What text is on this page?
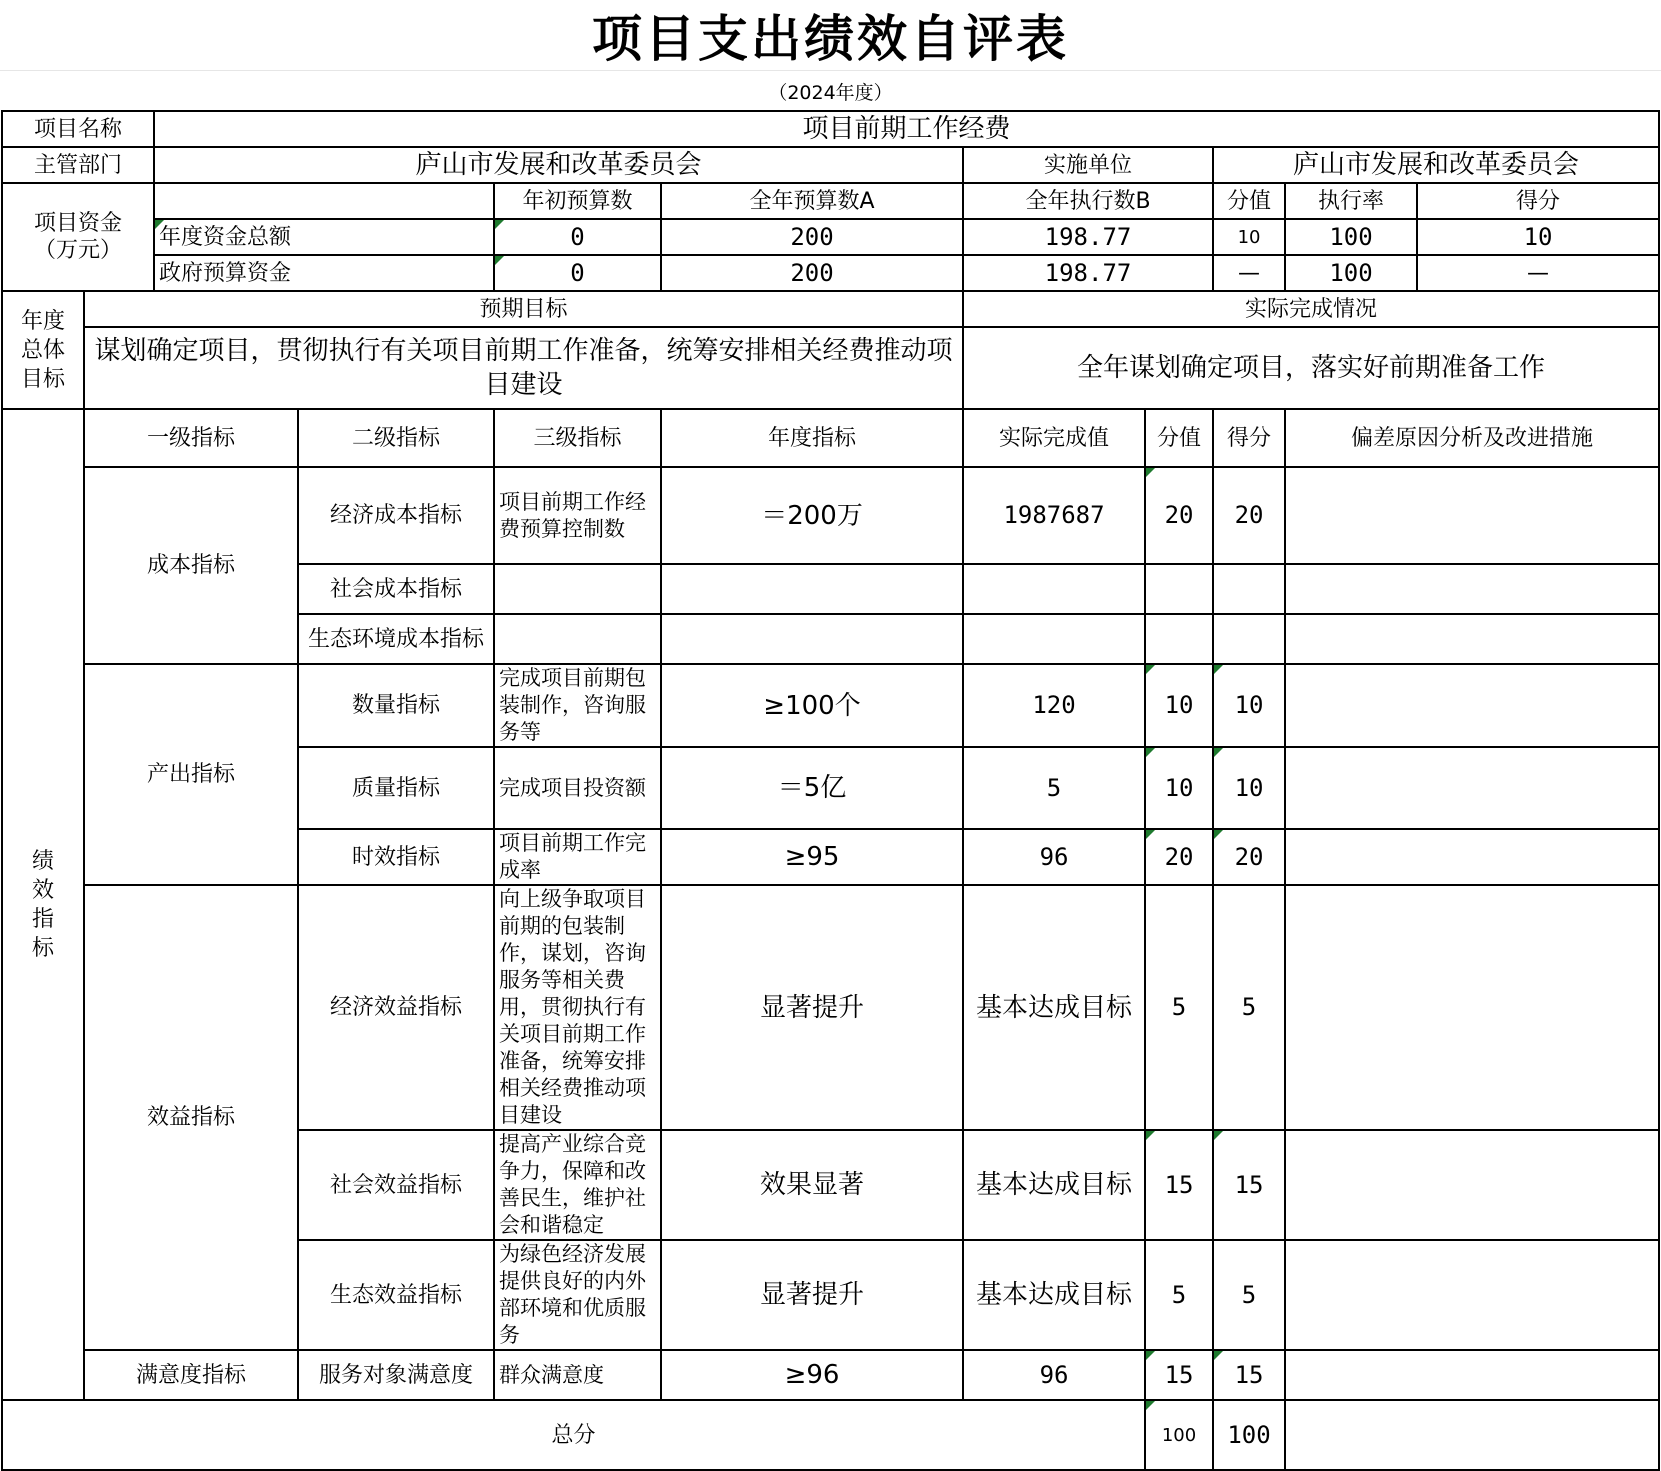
项目支出绩效自评表
（2024年度）
项目名称		项目前期工作经费								
主管部门		庐山市发展和改革委员会				实施单位		庐山市发展和改革委员会		

项目资金
（万元）				年初预算数	全年预算数A	全年执行数B		分值	执行率	得分
		年度资金总额		0	200	198.77		10	100	10
		政府预算资金		0	200	198.77		—	100	—

年度
总体
目标	预期目标					实际完成情况				
	谋划确定项目，贯彻执行有关项目前期工作准备，统筹安排相关经费推动项目建设					全年谋划确定项目，落实好前期准备工作				

绩
效
指
标	一级指标		二级指标	三级指标	年度指标	实际完成值	分值	得分	偏差原因分析及改进措施	
	成本指标		经济成本指标	项目前期工作经费预算控制数	＝200万	1987687	20	20		
			社会成本指标							
			生态环境成本指标							
	产出指标		数量指标	完成项目前期包装制作，咨询服务等	≥100个	120	10	10		
			质量指标	完成项目投资额	＝5亿	5	10	10		
			时效指标	项目前期工作完成率	≥95	96	20	20		
	效益指标		经济效益指标	向上级争取项目前期的包装制作，谋划，咨询服务等相关费用，贯彻执行有关项目前期工作准备，统筹安排相关经费推动项目建设	显著提升	基本达成目标	5	5		
			社会效益指标	提高产业综合竞争力，保障和改善民生，维护社会和谐稳定	效果显著	基本达成目标	15	15		
			生态效益指标	为绿色经济发展提供良好的内外部环境和优质服务	显著提升	基本达成目标	5	5		
	满意度指标		服务对象满意度	群众满意度	≥96	96	15	15		
总分							100	100		
